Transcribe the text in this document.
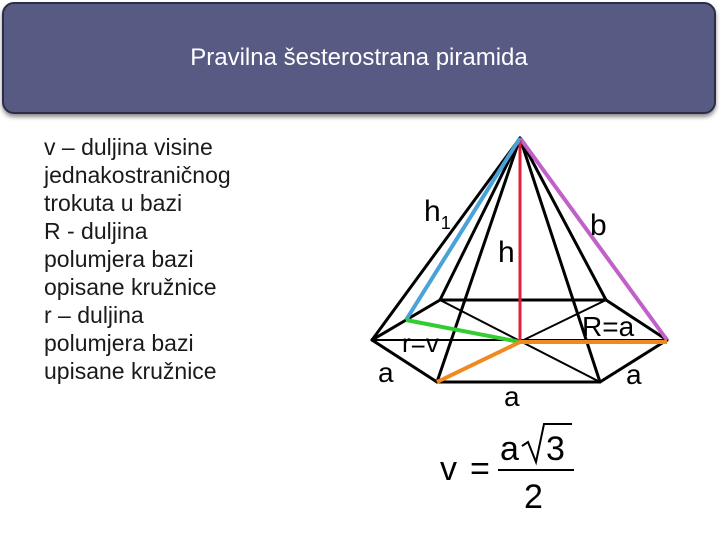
Pravilna šesterostrana piramida
v – duljina visine
jednakostraničnog
trokuta u bazi
R - duljina
polumjera bazi
opisane kružnice
r – duljina
polumjera bazi
upisane kružnice
$h_1$
h
b
r=v
R=a
a	a
a
v =
a 3
2
